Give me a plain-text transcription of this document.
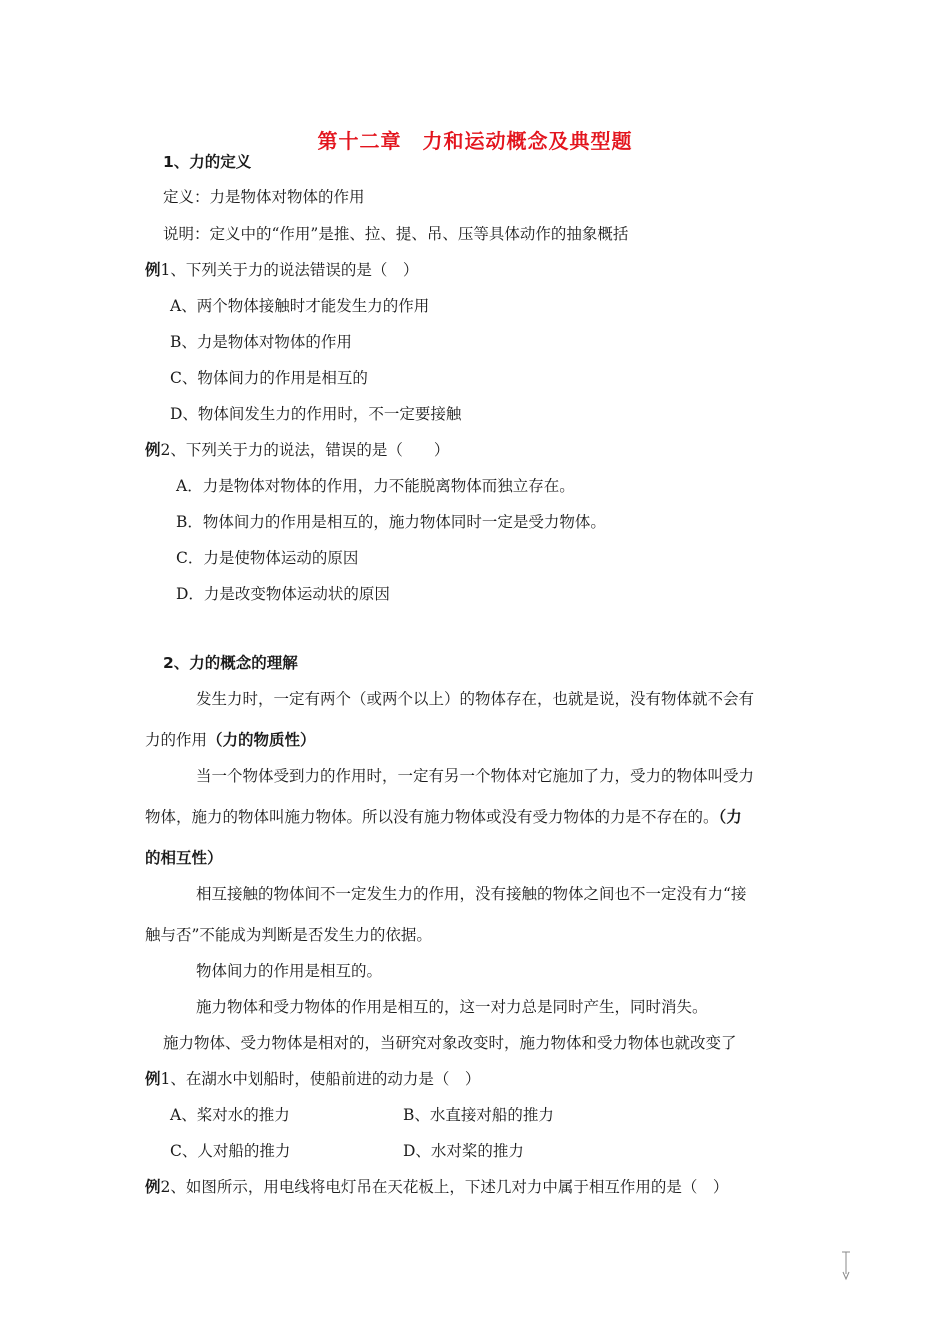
第十二章　力和运动概念及典型题
1、力的定义
定义：力是物体对物体的作用
说明：定义中的“作用”是推、拉、提、吊、压等具体动作的抽象概括
例1、下列关于力的说法错误的是（　）
A、两个物体接触时才能发生力的作用
B、力是物体对物体的作用
C、物体间力的作用是相互的
D、物体间发生力的作用时，不一定要接触
例2、下列关于力的说法，错误的是（　　）
A．力是物体对物体的作用，力不能脱离物体而独立存在。
B．物体间力的作用是相互的，施力物体同时一定是受力物体。
C．力是使物体运动的原因
D．力是改变物体运动状的原因
2、力的概念的理解
发生力时，一定有两个（或两个以上）的物体存在，也就是说，没有物体就不会有
力的作用（力的物质性）
当一个物体受到力的作用时，一定有另一个物体对它施加了力，受力的物体叫受力
物体，施力的物体叫施力物体。所以没有施力物体或没有受力物体的力是不存在的。（力
的相互性）
相互接触的物体间不一定发生力的作用，没有接触的物体之间也不一定没有力“接
触与否”不能成为判断是否发生力的依据。
物体间力的作用是相互的。
施力物体和受力物体的作用是相互的，这一对力总是同时产生，同时消失。
施力物体、受力物体是相对的，当研究对象改变时，施力物体和受力物体也就改变了
例1、在湖水中划船时，使船前进的动力是（　）
A、桨对水的推力	B、水直接对船的推力
C、人对船的推力	D、水对桨的推力
例2、如图所示，用电线将电灯吊在天花板上，下述几对力中属于相互作用的是（　）
